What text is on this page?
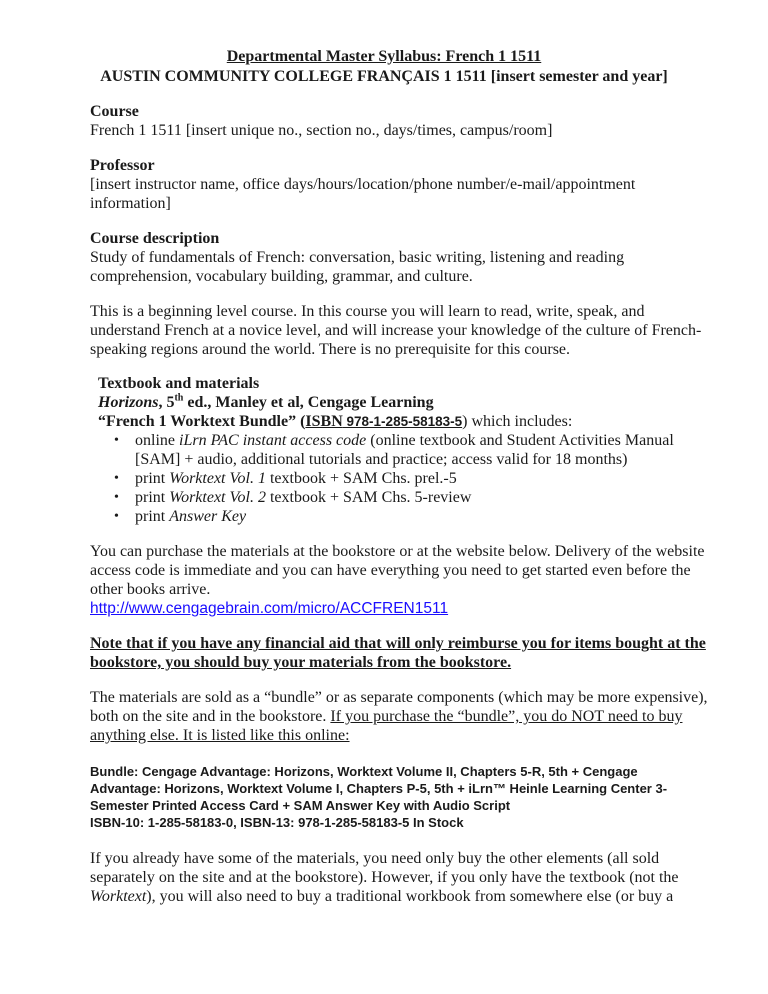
Departmental Master Syllabus: French 1 1511
AUSTIN COMMUNITY COLLEGE FRANÇAIS 1 1511 [insert semester and year]
Course
French 1 1511 [insert unique no., section no., days/times, campus/room]
Professor
[insert instructor name, office days/hours/location/phone number/e-mail/appointment
information]
Course description
Study of fundamentals of French: conversation, basic writing, listening and reading
comprehension, vocabulary building, grammar, and culture.
This is a beginning level course. In this course you will learn to read, write, speak, and
understand French at a novice level, and will increase your knowledge of the culture of French-
speaking regions around the world. There is no prerequisite for this course.
Textbook and materials
Horizons, 5th ed., Manley et al, Cengage Learning
“French 1 Worktext Bundle” (ISBN 978-1-285-58183-5) which includes:
• online iLrn PAC instant access code (online textbook and Student Activities Manual
[SAM] + audio, additional tutorials and practice; access valid for 18 months)
• print Worktext Vol. 1 textbook + SAM Chs. prel.-5
• print Worktext Vol. 2 textbook + SAM Chs. 5-review
• print Answer Key
You can purchase the materials at the bookstore or at the website below. Delivery of the website
access code is immediate and you can have everything you need to get started even before the
other books arrive.
http://www.cengagebrain.com/micro/ACCFREN1511
Note that if you have any financial aid that will only reimburse you for items bought at the
bookstore, you should buy your materials from the bookstore.
The materials are sold as a “bundle” or as separate components (which may be more expensive),
both on the site and in the bookstore. If you purchase the “bundle”, you do NOT need to buy
anything else. It is listed like this online:
Bundle: Cengage Advantage: Horizons, Worktext Volume II, Chapters 5-R, 5th + Cengage
Advantage: Horizons, Worktext Volume I, Chapters P-5, 5th + iLrn™ Heinle Learning Center 3-
Semester Printed Access Card + SAM Answer Key with Audio Script
ISBN-10: 1-285-58183-0, ISBN-13: 978-1-285-58183-5 In Stock
If you already have some of the materials, you need only buy the other elements (all sold
separately on the site and at the bookstore). However, if you only have the textbook (not the
Worktext), you will also need to buy a traditional workbook from somewhere else (or buy a
